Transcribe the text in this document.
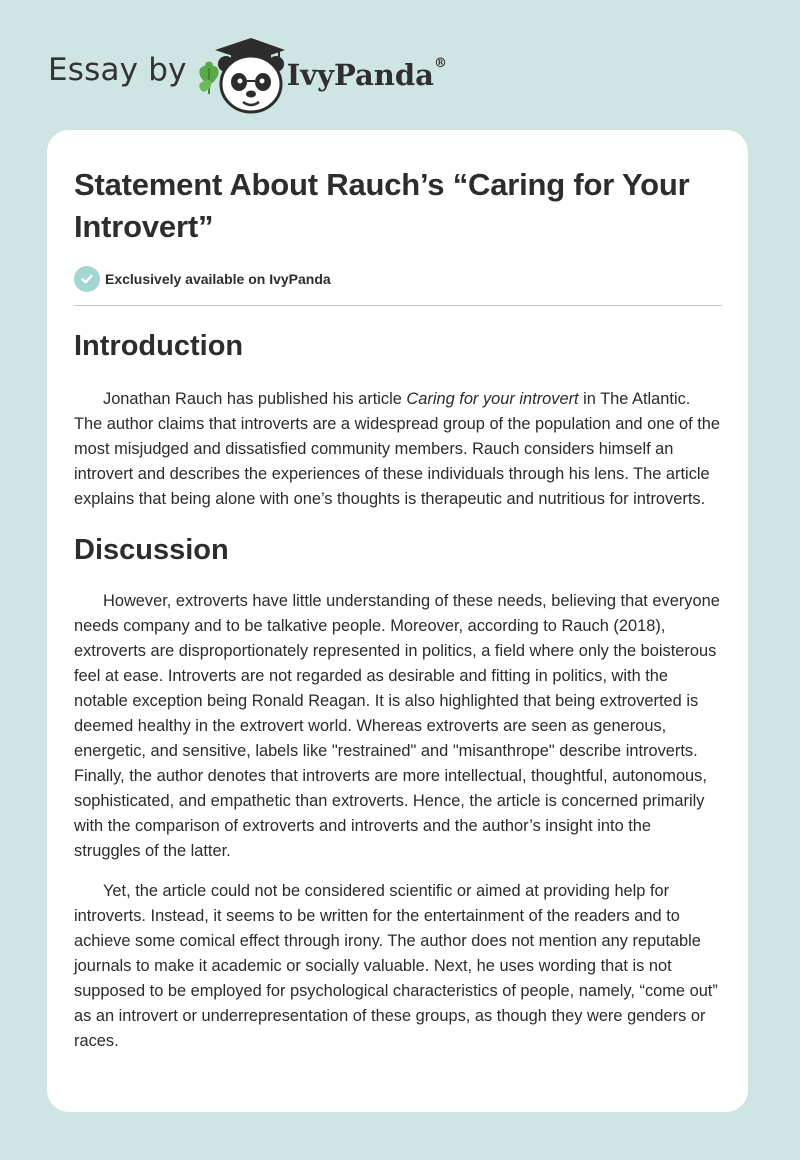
Essay by	IvyPanda®
Statement About Rauch’s “Caring for Your Introvert”
Exclusively available on IvyPanda
Introduction

Jonathan Rauch has published his article Caring for your introvert in The Atlantic. The author claims that introverts are a widespread group of the population and one of the most misjudged and dissatisfied community members. Rauch considers himself an introvert and describes the experiences of these individuals through his lens. The article explains that being alone with one’s thoughts is therapeutic and nutritious for introverts.

Discussion

However, extroverts have little understanding of these needs, believing that everyone needs company and to be talkative people. Moreover, according to Rauch (2018), extroverts are disproportionately represented in politics, a field where only the boisterous feel at ease. Introverts are not regarded as desirable and fitting in politics, with the notable exception being Ronald Reagan. It is also highlighted that being extroverted is deemed healthy in the extrovert world. Whereas extroverts are seen as generous, energetic, and sensitive, labels like "restrained" and "misanthrope" describe introverts. Finally, the author denotes that introverts are more intellectual, thoughtful, autonomous, sophisticated, and empathetic than extroverts. Hence, the article is concerned primarily with the comparison of extroverts and introverts and the author’s insight into the struggles of the latter.

Yet, the article could not be considered scientific or aimed at providing help for introverts. Instead, it seems to be written for the entertainment of the readers and to achieve some comical effect through irony. The author does not mention any reputable journals to make it academic or socially valuable. Next, he uses wording that is not supposed to be employed for psychological characteristics of people, namely, “come out” as an introvert or underrepresentation of these groups, as though they were genders or races.
